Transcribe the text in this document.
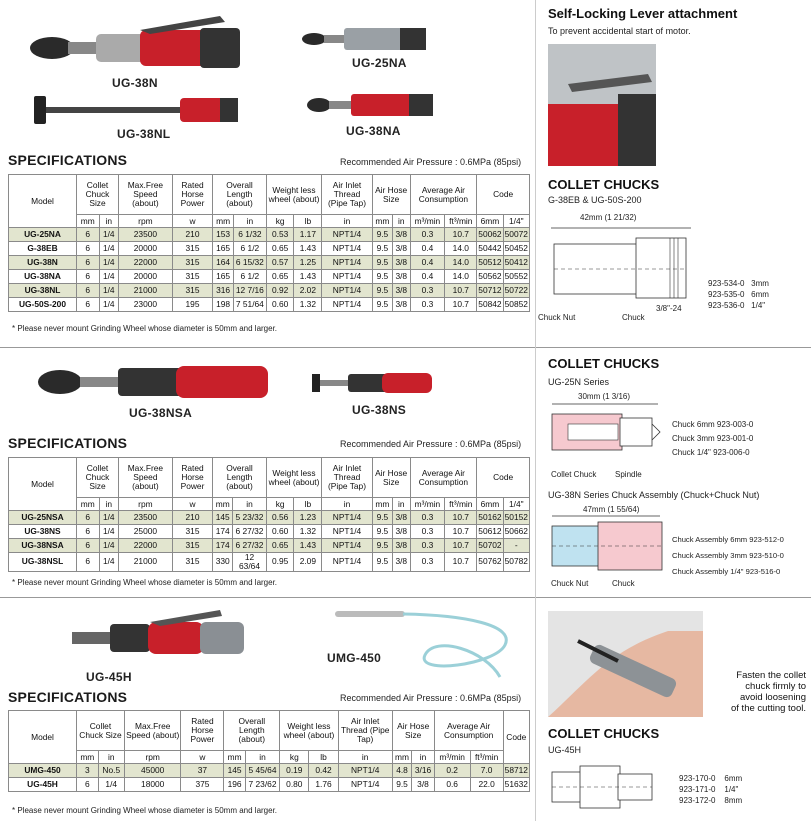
UG-38N
UG-25NA
UG-38NL	UG-38NA
SPECIFICATIONS	Recommended Air Pressure : 0.6MPa (85psi)
Model	Collet Chuck Size		Max.Free Speed (about)	Rated Horse Power	Overall Length (about)		Weight less wheel (about)		Air Inlet Thread (Pipe Tap)	Air Hose Size		Average Air Consumption		Code	
	mm	in	rpm	w	mm	in	kg	lb	in	mm	in	m³/min	ft³/min	6mm	1/4"
UG-25NA	6	1/4	23500	210	153	6 1/32	0.53	1.17	NPT1/4	9.5	3/8	0.3	10.7	50062	50072
G-38EB	6	1/4	20000	315	165	6 1/2	0.65	1.43	NPT1/4	9.5	3/8	0.4	14.0	50442	50452
UG-38N	6	1/4	22000	315	164	6 15/32	0.57	1.25	NPT1/4	9.5	3/8	0.4	14.0	50512	50412
UG-38NA	6	1/4	20000	315	165	6 1/2	0.65	1.43	NPT1/4	9.5	3/8	0.4	14.0	50562	50552
UG-38NL	6	1/4	21000	315	316	12 7/16	0.92	2.02	NPT1/4	9.5	3/8	0.3	10.7	50712	50722
UG-50S-200	6	1/4	23000	195	198	7 51/64	0.60	1.32	NPT1/4	9.5	3/8	0.3	10.7	50842	50852
* Please never mount Grinding Wheel whose diameter is 50mm and larger.
UG-38NSA	UG-38NS
SPECIFICATIONS	Recommended Air Pressure : 0.6MPa (85psi)
Model	Collet Chuck Size		Max.Free Speed (about)	Rated Horse Power	Overall Length (about)		Weight less wheel (about)		Air Inlet Thread (Pipe Tap)	Air Hose Size		Average Air Consumption		Code	
	mm	in	rpm	w	mm	in	kg	lb	in	mm	in	m³/min	ft³/min	6mm	1/4"
UG-25NSA	6	1/4	23500	210	145	5 23/32	0.56	1.23	NPT1/4	9.5	3/8	0.3	10.7	50162	50152
UG-38NS	6	1/4	25000	315	174	6 27/32	0.60	1.32	NPT1/4	9.5	3/8	0.3	10.7	50612	50662
UG-38NSA	6	1/4	22000	315	174	6 27/32	0.65	1.43	NPT1/4	9.5	3/8	0.3	10.7	50702	-
UG-38NSL	6	1/4	21000	315	330	12 63/64	0.95	2.09	NPT1/4	9.5	3/8	0.3	10.7	50762	50782
* Please never mount Grinding Wheel whose diameter is 50mm and larger.
UG-45H
UMG-450
SPECIFICATIONS	Recommended Air Pressure : 0.6MPa (85psi)
Model	Collet Chuck Size		Max.Free Speed (about)	Rated Horse Power	Overall Length (about)		Weight less wheel (about)		Air Inlet Thread (Pipe Tap)	Air Hose Size		Average Air Consumption		Code
	mm	in	rpm	w	mm	in	kg	lb	in	mm	in	m³/min	ft³/min	
UMG-450	3	No.5	45000	37	145	5 45/64	0.19	0.42	NPT1/4	4.8	3/16	0.2	7.0	58712
UG-45H	6	1/4	18000	375	196	7 23/62	0.80	1.76	NPT1/4	9.5	3/8	0.6	22.0	51632
* Please never mount Grinding Wheel whose diameter is 50mm and larger.
Self-Locking Lever attachment
To prevent accidental start of motor.
COLLET CHUCKS
G-38EB & UG-50S-200
42mm (1 21/32)
Chuck Nut	Chuck
3/8"-24
923-534-0 3mm
923-535-0 6mm
923-536-0 1/4"
COLLET CHUCKS
UG-25N Series
30mm (1 3/16)
Collet Chuck Spindle
Chuck 6mm 923-003-0
Chuck 3mm 923-001-0
Chuck 1/4" 923-006-0
UG-38N Series Chuck Assembly (Chuck+Chuck Nut)
47mm (1 55/64)
Chuck Nut	Chuck
Chuck Assembly 6mm 923-512-0
Chuck Assembly 3mm 923-510-0
Chuck Assembly 1/4" 923-516-0
Fasten the collet
chuck firmly to
avoid loosening
of the cutting tool.
COLLET CHUCKS
UG-45H
923-170-0 6mm
923-171-0 1/4"
923-172-0 8mm
